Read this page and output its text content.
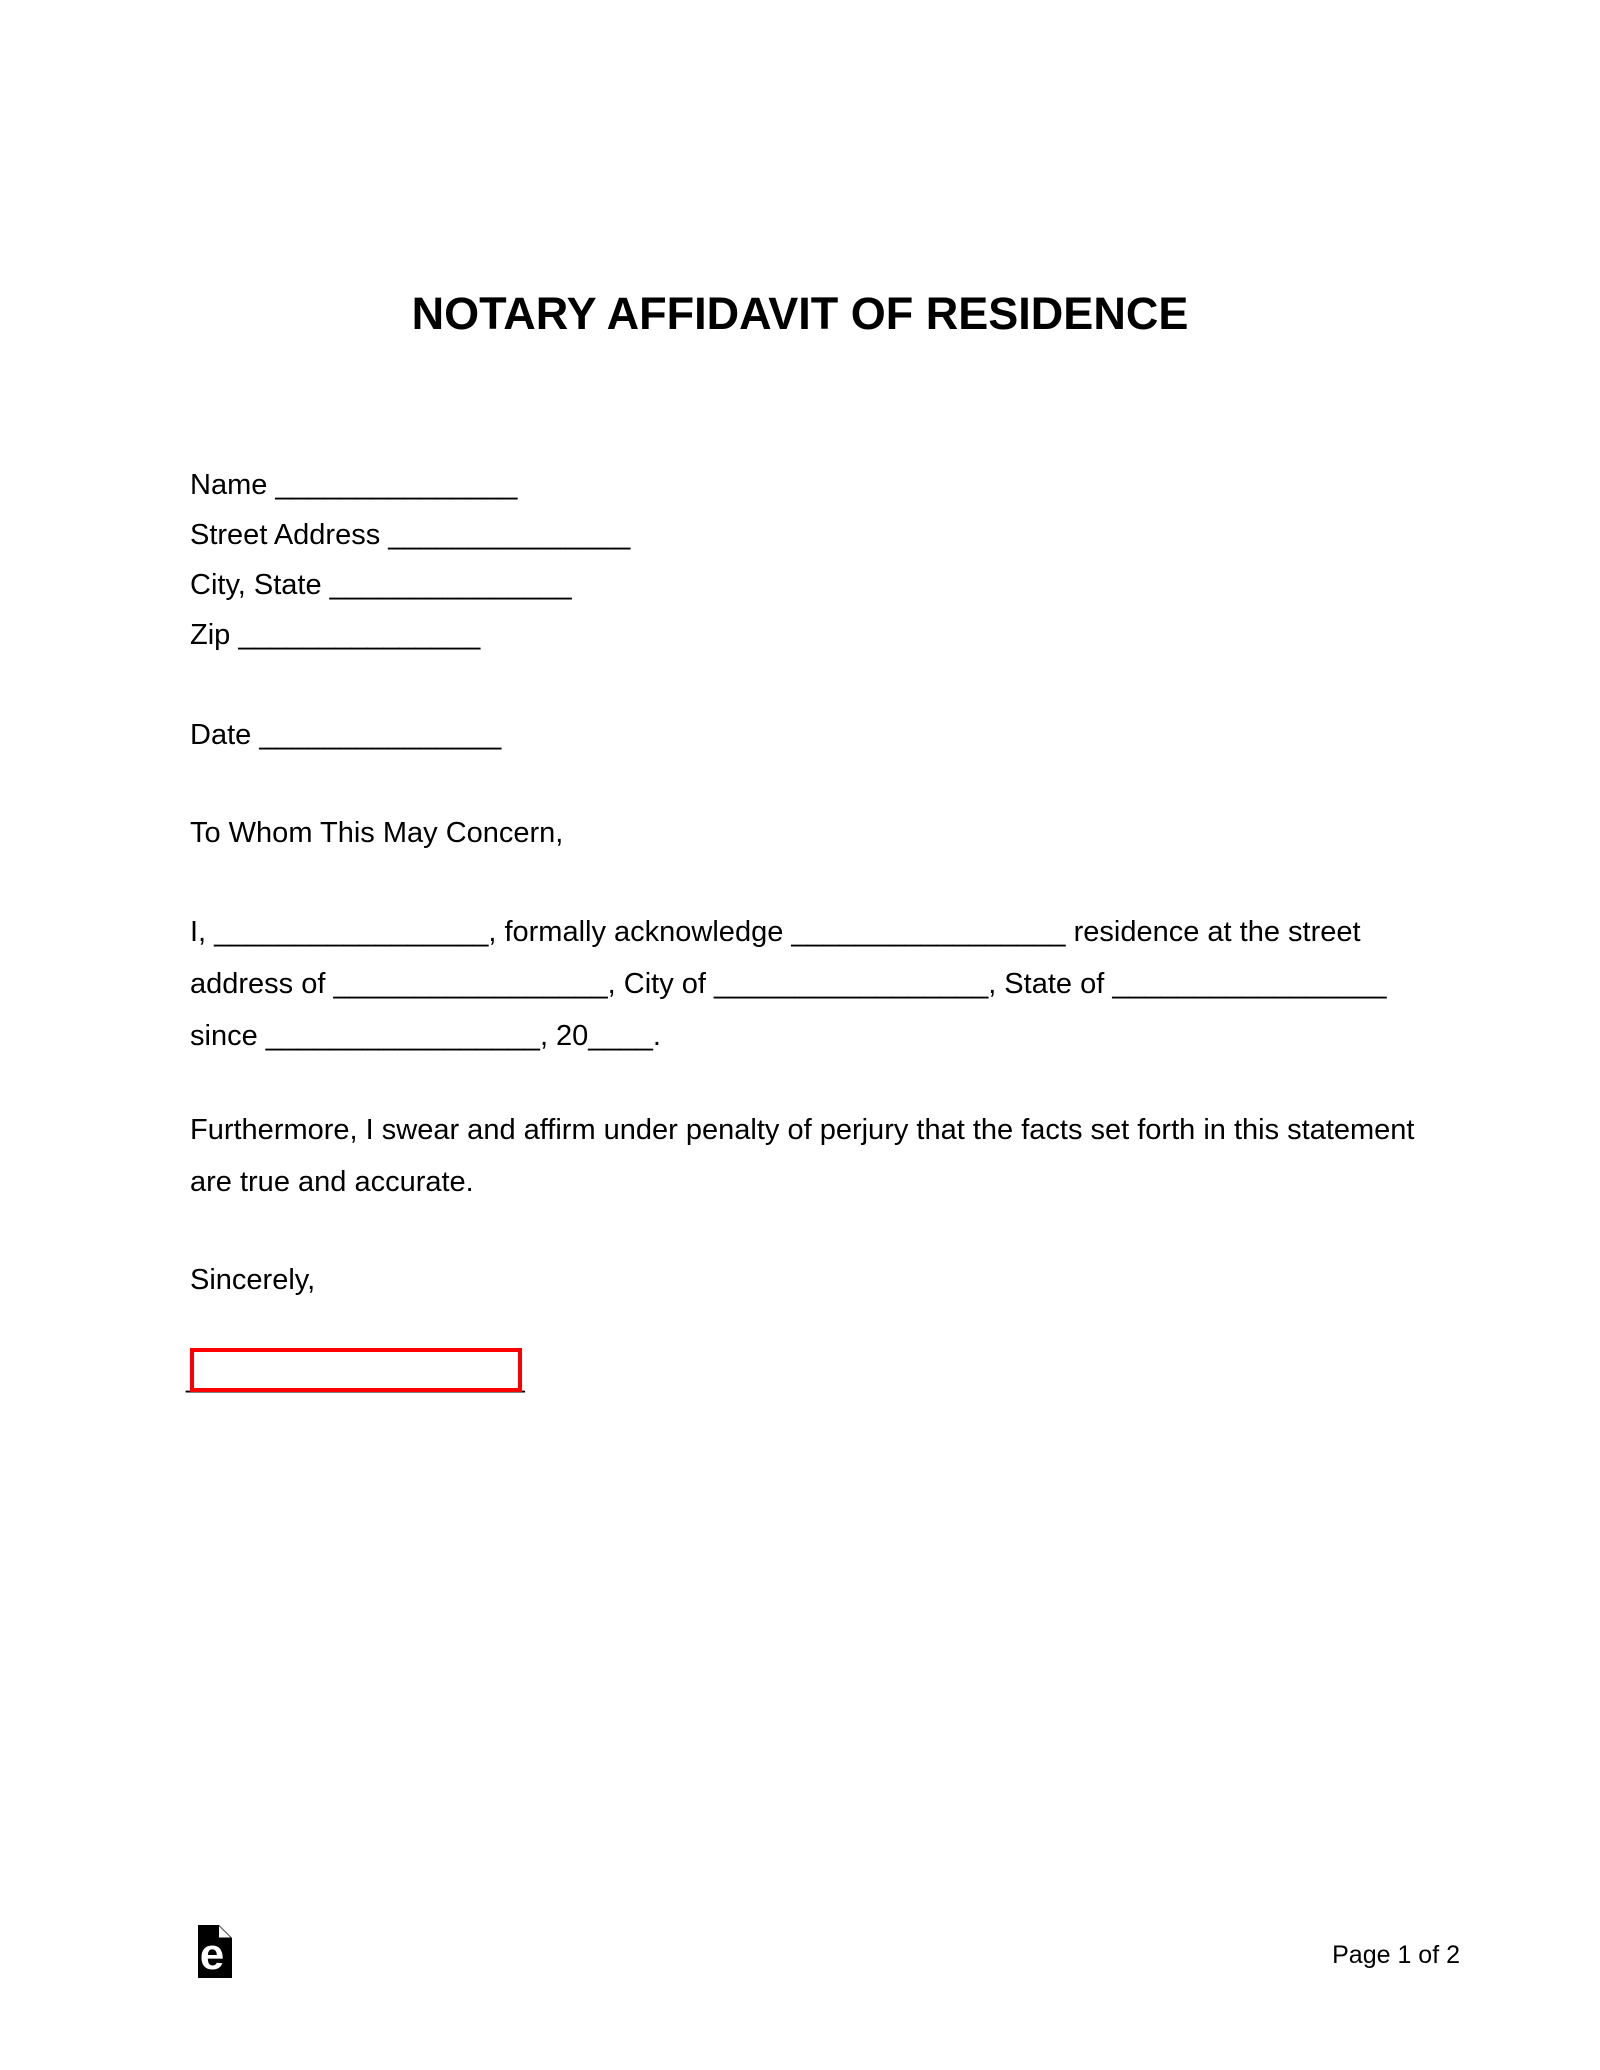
NOTARY AFFIDAVIT OF RESIDENCE
Name _______________
Street Address _______________
City, State _______________
Zip _______________
Date _______________
To Whom This May Concern,
I, _________________, formally acknowledge _________________ residence at the street
address of _________________, City of _________________, State of _________________
since _________________, 20____.
Furthermore, I swear and affirm under penalty of perjury that the facts set forth in this statement
are true and accurate.
Sincerely,
_____________________
e	Page 1 of 2
